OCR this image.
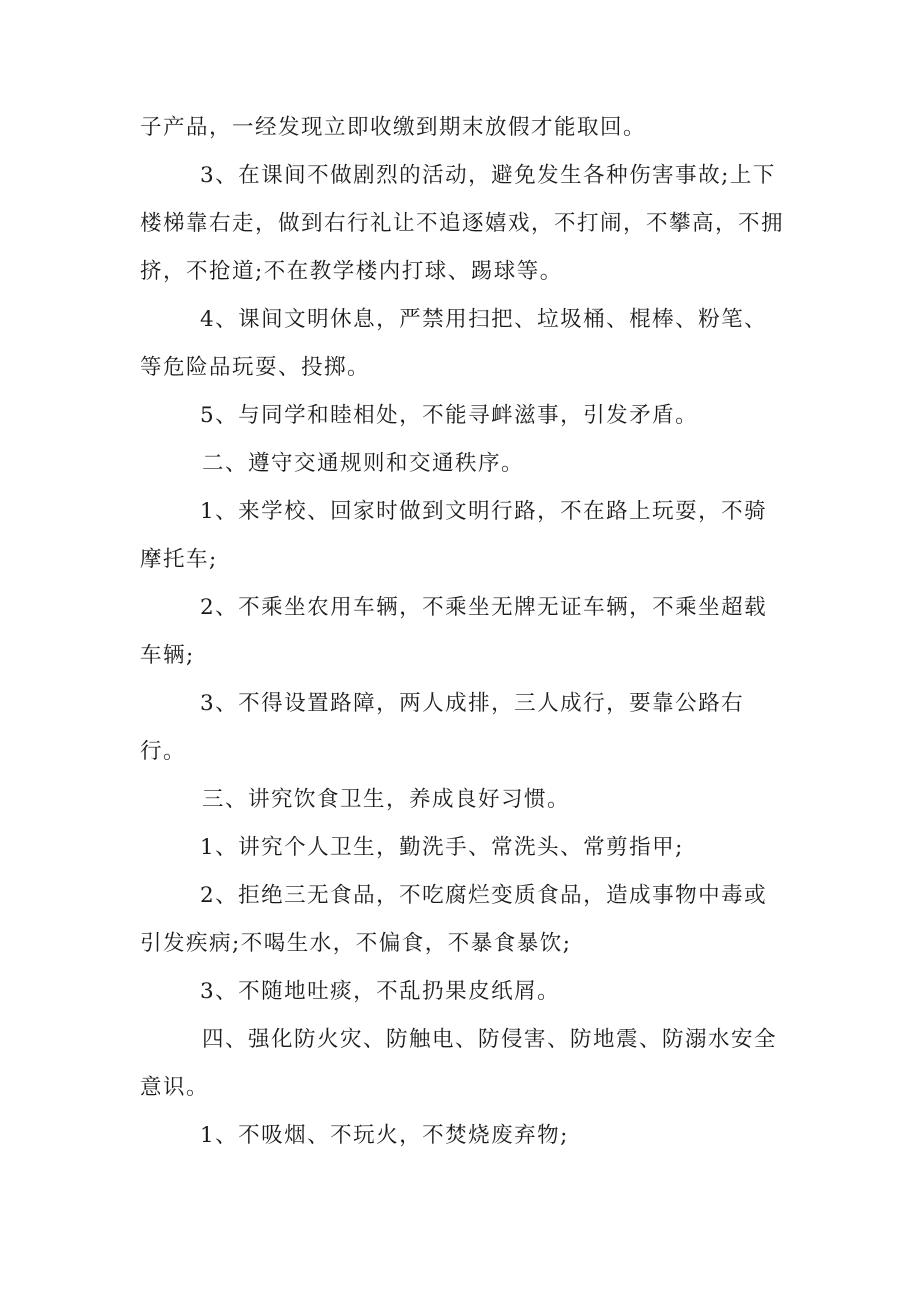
子产品，一经发现立即收缴到期末放假才能取回。

3、在课间不做剧烈的活动，避免发生各种伤害事故;上下楼梯靠右走，做到右行礼让不追逐嬉戏，不打闹，不攀高，不拥挤，不抢道;不在教学楼内打球、踢球等。

4、课间文明休息，严禁用扫把、垃圾桶、棍棒、粉笔、等危险品玩耍、投掷。

5、与同学和睦相处，不能寻衅滋事，引发矛盾。

二、遵守交通规则和交通秩序。

1、来学校、回家时做到文明行路，不在路上玩耍，不骑摩托车;

2、不乘坐农用车辆，不乘坐无牌无证车辆，不乘坐超载车辆;

3、不得设置路障，两人成排，三人成行，要靠公路右行。

三、讲究饮食卫生，养成良好习惯。

1、讲究个人卫生，勤洗手、常洗头、常剪指甲;

2、拒绝三无食品，不吃腐烂变质食品，造成事物中毒或引发疾病;不喝生水，不偏食，不暴食暴饮;

3、不随地吐痰，不乱扔果皮纸屑。

四、强化防火灾、防触电、防侵害、防地震、防溺水安全意识。

1、不吸烟、不玩火，不焚烧废弃物;
